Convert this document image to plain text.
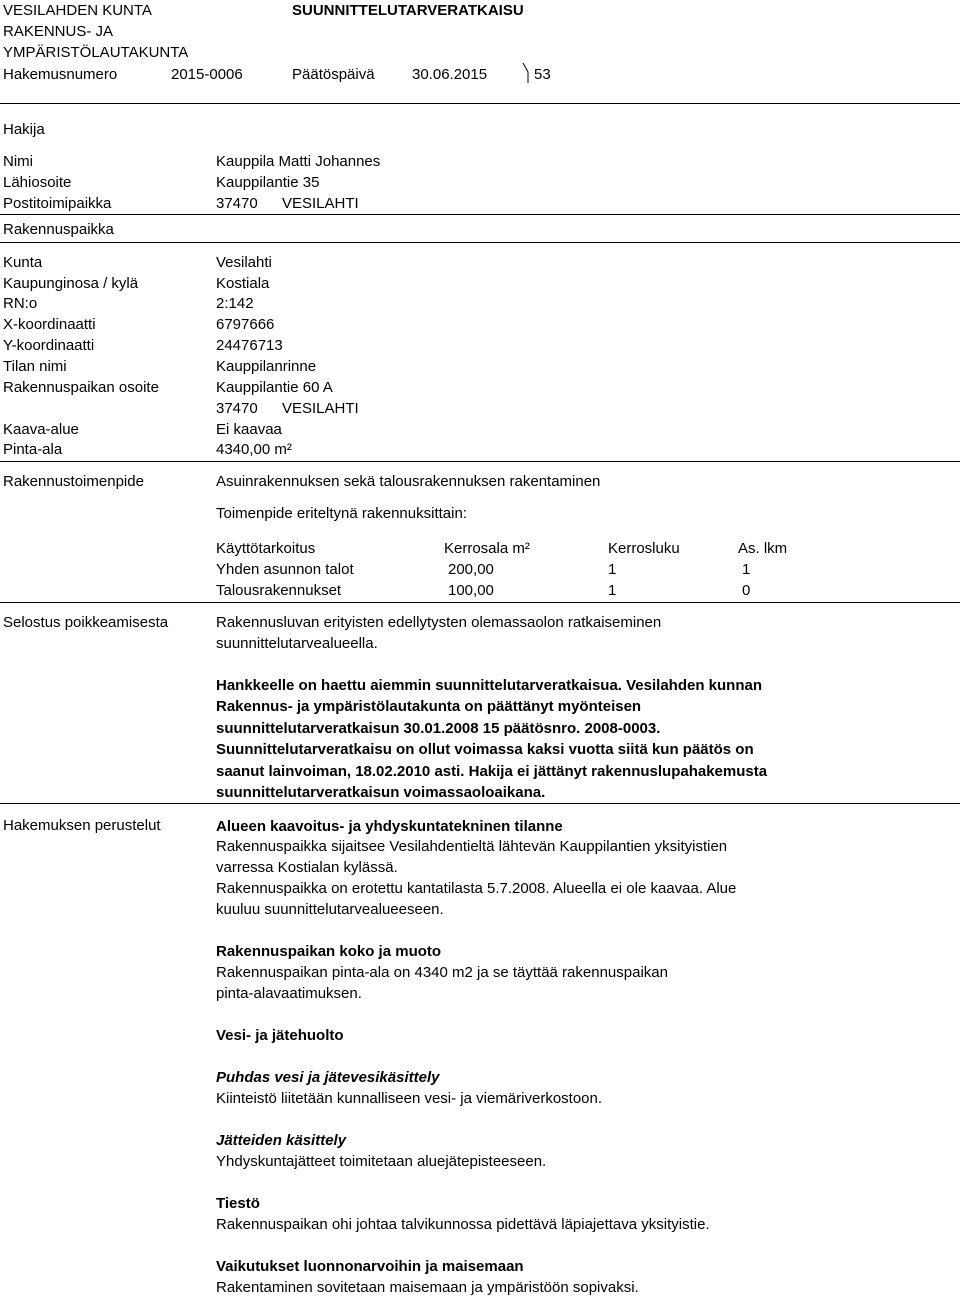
VESILAHDEN KUNTA
RAKENNUS- JA
YMPÄRISTÖLAUTAKUNTA
SUUNNITTELUTARVERATKAISU
Hakemusnumero	2015-0006	Päätöspäivä 30.06.2015	53
Hakija
Nimi	Kauppila Matti Johannes
Lähiosoite	Kauppilantie 35
Postitoimipaikka	37470 VESILAHTI
Rakennuspaikka
Kunta	Vesilahti
Kaupunginosa / kylä	Kostiala
RN:o	2:142
X-koordinaatti	6797666
Y-koordinaatti	24476713
Tilan nimi	Kauppilanrinne
Rakennuspaikan osoite	Kauppilantie 60 A
37470 VESILAHTI
Kaava-alue	Ei kaavaa
Pinta-ala	4340,00 m²
Rakennustoimenpide	Asuinrakennuksen sekä talousrakennuksen rakentaminen
Toimenpide eriteltynä rakennuksittain:
Käyttötarkoitus	Kerrosala m²	Kerrosluku	As. lkm
Yhden asunnon talot	200,00	1	1
Talousrakennukset	100,00	1	0
Selostus poikkeamisesta	Rakennusluvan erityisten edellytysten olemassaolon ratkaiseminen
suunnittelutarvealueella.
Hankkeelle on haettu aiemmin suunnittelutarveratkaisua. Vesilahden kunnan
Rakennus- ja ympäristölautakunta on päättänyt myönteisen
suunnittelutarveratkaisun 30.01.2008 15 päätösnro. 2008-0003.
Suunnittelutarveratkaisu on ollut voimassa kaksi vuotta siitä kun päätös on
saanut lainvoiman, 18.02.2010 asti. Hakija ei jättänyt rakennuslupahakemusta
suunnittelutarveratkaisun voimassaoloaikana.
Hakemuksen perustelut	Alueen kaavoitus- ja yhdyskuntatekninen tilanne
Rakennuspaikka sijaitsee Vesilahdentieltä lähtevän Kauppilantien yksityistien
varressa Kostialan kylässä.
Rakennuspaikka on erotettu kantatilasta 5.7.2008. Alueella ei ole kaavaa. Alue
kuuluu suunnittelutarvealueeseen.
Rakennuspaikan koko ja muoto
Rakennuspaikan pinta-ala on 4340 m2 ja se täyttää rakennuspaikan
pinta-alavaatimuksen.
Vesi- ja jätehuolto
Puhdas vesi ja jätevesikäsittely
Kiinteistö liitetään kunnalliseen vesi- ja viemäriverkostoon.
Jätteiden käsittely
Yhdyskuntajätteet toimitetaan aluejätepisteeseen.
Tiestö
Rakennuspaikan ohi johtaa talvikunnossa pidettävä läpiajettava yksityistie.
Vaikutukset luonnonarvoihin ja maisemaan
Rakentaminen sovitetaan maisemaan ja ympäristöön sopivaksi.
